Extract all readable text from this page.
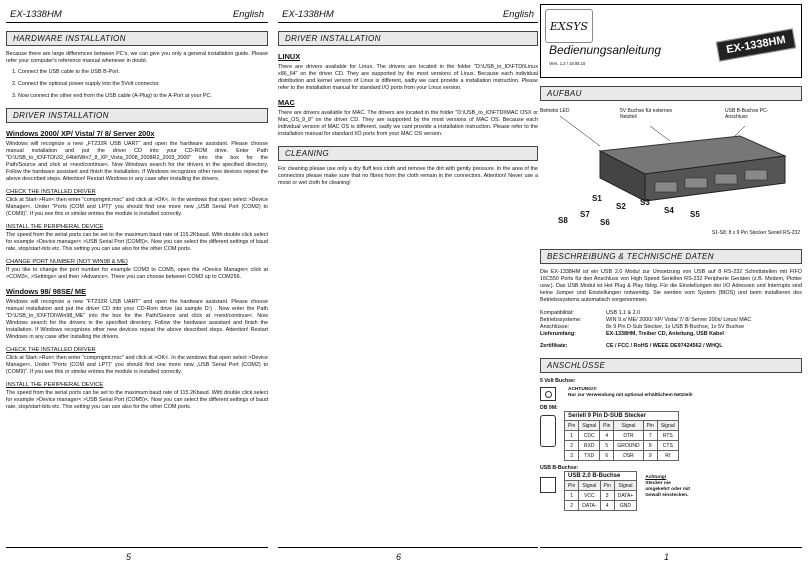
EX-1338HM	English
HARDWARE INSTALLATION

Because there are large differences between PC's, we can give you only a general installation guide. Please refer your computer's reference manual whenever in doubt.

1. Connect the USB cable to the USB B-Port.
2. Connect the optional power supply into the 5Volt connector.
3. Now connect the other end from the USB cable (A-Plug) to the A-Port at your PC.
DRIVER INSTALLATION
Windows 2000/ XP/ Vista/ 7/ 8/ Server 200x

Windows will recognize a new „FT232R USB UART“ and open the hardware assistant. Please choose manual installation and put the driver CD into your CD-ROM drive. Enter Path "D:\USB_to_IO\FTDI\32_64bit\Win7_8_XP_Vista_2008_2008R2_2003_2000" into the box for the Path/Source and click at >next/continue<. Now Windows search for the drivers in the specified directory. Follow the hardware assistant and finish the installation. If Windows recognizes other new devices repeat the above described steps. Attention! Restart Windows in any case after installing the drivers.

CHECK THE INSTALLED DRIVER

Click at Start->Run< then enter "compmgmt.msc" and click at >OK<. In the windows that open select >Device Manager<. Under "Ports (COM and LPT)" you should find one more new „USB Serial Port (COM2) to (COM9)“. If you see this or similar entries the module is installed correctly.

INSTALL THE PERIPHERAL DEVICE

The speed from the serial ports can be set to the maximum baud rate of 115.2Kbaud. With double click select for example >Device manager< >USB Serial Port (COM5)<. Now you can select the different settings of baud rate, stop/start-bits etc. This setting you can use also for the other COM ports.

CHANGE PORT NUMBER (NOT WIN98 & ME)

If you like to change the port number for example COM3 to COM5, open the >Device Manager< click at >COM3<, >Settings< and then >Advance<. There you can choose between COM3 up to COM256.

Windows 98/ 98SE/ ME

Windows will recognize a new "FT232R USB UART" and open the hardware assistant. Please choose manual installation and put the driver CD into your CD-Rom drive (as sample D:) . Now enter the Path "D:\USB_to_IO\FTDI\Win98_ME" into the box for the Path/Source and click at >next/continue<. Now Windows search for the drivers in the specified directory. Follow the hardware assistant and finish the installation. If Windows recognizes other new devices repeat the above described steps. Attention! Restart Windows in any case after installing the drivers.

CHECK THE INSTALLED DRIVER

Click at Start->Run< then enter "compmgmt.msc" and click at >OK<. In the windows that open select >Device Manager<. Under "Ports (COM and LPT)" you should find one more new „USB Serial Port (COM2) to (COM9)“. If you see this or similar entries the module is installed correctly.

INSTALL THE PERIPHERAL DEVICE

The speed from the serial ports can be set to the maximum baud rate of 115.2Kbaud. With double click select for example >Device manager< >USB Serial Port (COM5)<. Now you can select the different settings of baud rate, stop/start-bits etc. This setting you can use also for the other COM ports.

5
EX-1338HM	English
DRIVER INSTALLATION
LINUX

There are drivers available for Linux. The drivers are located in the folder "D:\USB_to_IO\FTDI\Linux x86_64" on the driver CD. They are supported by the most versions of Linux. Because each individual distribution and kernel version of Linux is different, sadly we cant provide a installation instruction. Please refer to the installation manual for standard I/O ports from your Linux version.

MAC

There are drivers available for MAC. The drivers are located in the folder "D:\USB_to_IO\FTDI\MAC OSX or Mac_OS_9_8" on the driver CD. They are supported by the most versions of MAC OS. Because each individual version of MAC OS is different, sadly we cant provide a installation instruction. Please refer to the installation manual for standard I/O ports from your MAC OS version.

CLEANING

For cleaning please use only a dry fluff less cloth and remove the dirt with gently pressure. In the area of the connectors please make sure that no fibres from the cloth remain in the connectors. Attention! Never use a moist or wet cloth for cleaning!

6
EXSYS
Bedienungsanleitung
Vers. 1.2 / 18.08.15
EX-1338HM
AUFBAU
Betriebs LED	5V Buchse für externes Netzteil
USB B-Buchse PC-Anschluss
S1
S2 S3
S4 S5
S6
S7
S8
S1-S8: 8 x 9 Pin Stecker Seriell RS-232
BESCHREIBUNG & TECHNISCHE DATEN

Die EX-1338HM ist ein USB 2.0 Modul zur Umsetzung von USB auf 8 RS-232 Schnittstellen mit FIFO 16C550 Ports für den Anschluss von High Speed Seriellen RS-232 Peripherie Geräten (z.B. Modem, Plotter usw.). Das USB Modul ist Hot Plug & Play fähig. Für die Einstellungen der I/O Adressen und Interrupts sind keine Jumper und Einstellungen notwendig. Sie werden vom System (BIOS) und beim installieren des Betriebssystems automatisch vorgenommen.

Kompatibilität:	USB 1.1 & 2.0
Betriebssysteme:	WIN 9.x/ ME/ 2000/ XP/ Vista/ 7/ 8/ Server 200x/ Linux/ MAC
Anschlüsse:	8x 9 Pin D-Sub Stecker, 1x USB B-Buchse, 1x 5V Buchse
Lieferumfang:	EX-1338HM, Treiber CD, Anleitung, USB Kabel
Zertifikate:	CE / FCC / RoHS / WEEE DE97424562 / WHQL
ANSCHLÜSSE
5 Volt Buchse:
ACHTUNG!!!
Nur zur Verwendung mit optional erhältlichem Netzteil!
DB 9M:
Seriell 9 Pin D-SUB Stecker
Pin	Signal	Pin	Signal	Pin	Signal
1	CDC	4	DTR	7	RTS
2	RXD	5	GROUND	8	CTS
3	TXD	6	DSR	9	RI
USB B-Buchse:
USB 2.0 B-Buchse
Pin	Signal	Pin	Signal
1	VCC	3	DATA+
2	DATA-	4	GND
Achtung!
Stecker nie umgekehrt oder mit Gewalt einstecken.
1
